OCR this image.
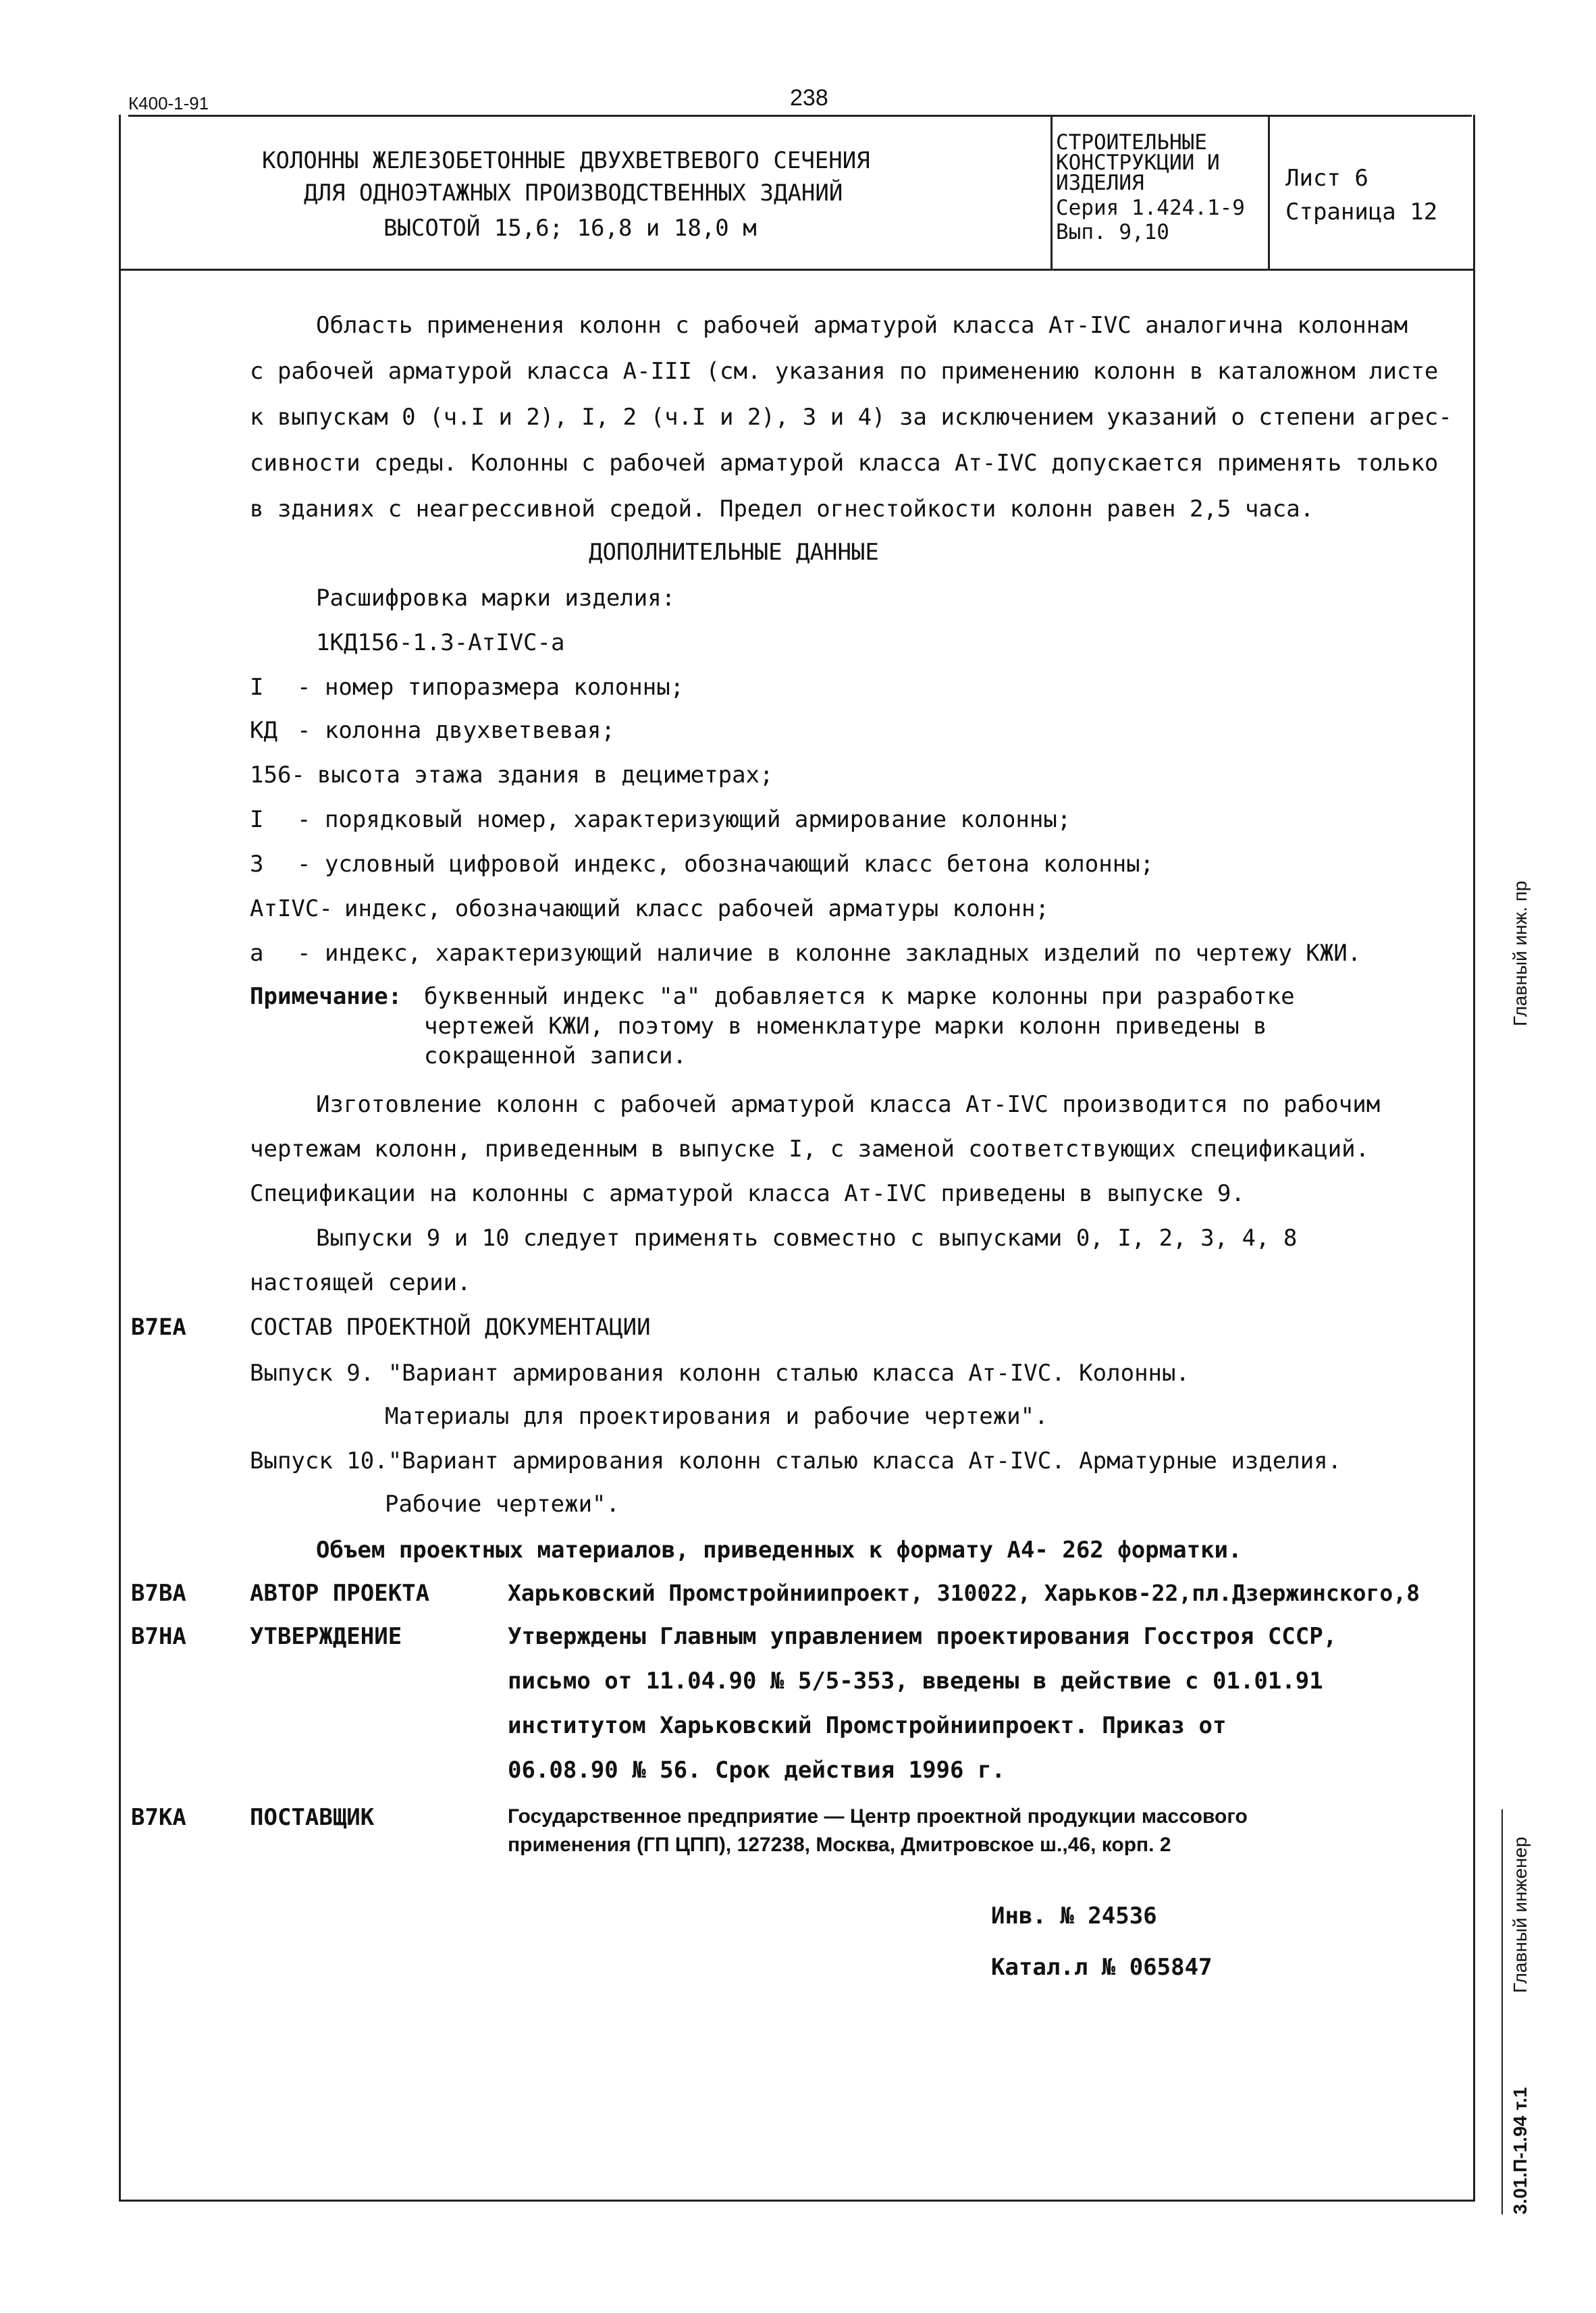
К400-1-91	238
КОЛОННЫ ЖЕЛЕЗОБЕТОННЫЕ ДВУХВЕТВЕВОГО СЕЧЕНИЯ
ДЛЯ ОДНОЭТАЖНЫХ ПРОИЗВОДСТВЕННЫХ ЗДАНИЙ
ВЫСОТОЙ 15,6; 16,8 и 18,0 м
СТРОИТЕЛЬНЫЕ
КОНСТРУКЦИИ И
ИЗДЕЛИЯ
Серия 1.424.1-9
Вып. 9,10
Лист 6
Страница 12
Область применения колонн с рабочей арматурой класса Ат-IVС аналогична колоннам
с рабочей арматурой класса А-III (см. указания по применению колонн в каталожном листе
к выпускам 0 (ч.I и 2), I, 2 (ч.I и 2), 3 и 4) за исключением указаний о степени агрес-
сивности среды. Колонны с рабочей арматурой класса Ат-IVС допускается применять только
в зданиях с неагрессивной средой. Предел огнестойкости колонн равен 2,5 часа.
ДОПОЛНИТЕЛЬНЫЕ ДАННЫЕ
Расшифровка марки изделия:
1КД156-1.3-АтIVС-а
I - номер типоразмера колонны;
КД - колонна двухветвевая;
156- высота этажа здания в дециметрах;
I - порядковый номер, характеризующий армирование колонны;
3 - условный цифровой индекс, обозначающий класс бетона колонны;
АтIVС- индекс, обозначающий класс рабочей арматуры колонн;
а - индекс, характеризующий наличие в колонне закладных изделий по чертежу КЖИ.
Примечание: буквенный индекс "а" добавляется к марке колонны при разработке
чертежей КЖИ, поэтому в номенклатуре марки колонн приведены в
сокращенной записи.
Изготовление колонн с рабочей арматурой класса Ат-IVС производится по рабочим
чертежам колонн, приведенным в выпуске I, с заменой соответствующих спецификаций.
Спецификации на колонны с арматурой класса Ат-IVС приведены в выпуске 9.
Выпуски 9 и 10 следует применять совместно с выпусками 0, I, 2, 3, 4, 8
настоящей серии.
В7ЕА	СОСТАВ ПРОЕКТНОЙ ДОКУМЕНТАЦИИ
Выпуск 9. "Вариант армирования колонн сталью класса Ат-IVС. Колонны.
Материалы для проектирования и рабочие чертежи".
Выпуск 10."Вариант армирования колонн сталью класса Ат-IVС. Арматурные изделия.
Рабочие чертежи".
Объем проектных материалов, приведенных к формату А4- 262 форматки.
В7ВА	АВТОР ПРОЕКТА	Харьковский Промстройниипроект, 310022, Харьков-22,пл.Дзержинского,8
В7НА	УТВЕРЖДЕНИЕ	Утверждены Главным управлением проектирования Госстроя СССР,
письмо от 11.04.90 № 5/5-353, введены в действие с 01.01.91
институтом Харьковский Промстройниипроект. Приказ от
06.08.90 № 56. Срок действия 1996 г.
В7КА	ПОСТАВЩИК	Государственное предприятие — Центр проектной продукции массового
применения (ГП ЦПП), 127238, Москва, Дмитровское ш.,46, корп. 2
Инв. № 24536
Катал.л № 065847
Главный инж. пр
Главный инженер
3.01.П-1.94 т.1
